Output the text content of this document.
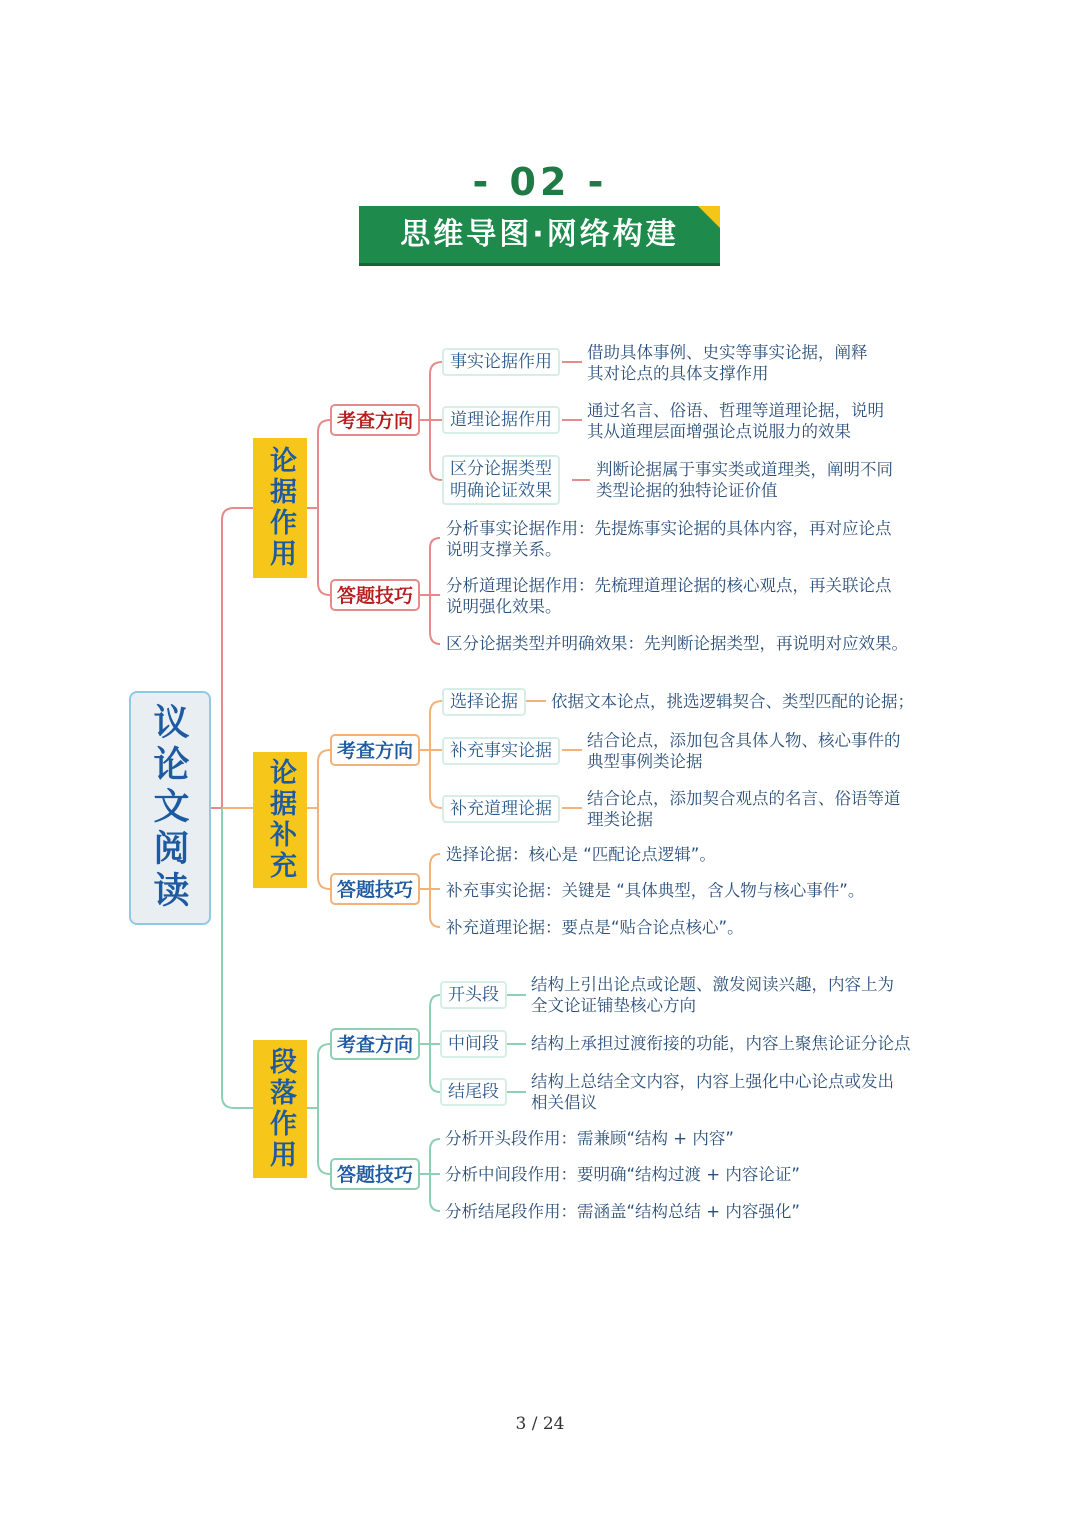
- 02 -
思维导图·网络构建
议论文阅读
论据作用
考查方向
答题技巧
事实论据作用
道理论据作用
区分论据类型
明确论证效果
借助具体事例、史实等事实论据，阐释
其对论点的具体支撑作用
通过名言、俗语、哲理等道理论据，说明
其从道理层面增强论点说服力的效果
判断论据属于事实类或道理类，阐明不同
类型论据的独特论证价值
分析事实论据作用：先提炼事实论据的具体内容，再对应论点
说明支撑关系。
分析道理论据作用：先梳理道理论据的核心观点，再关联论点
说明强化效果。
区分论据类型并明确效果：先判断论据类型，再说明对应效果。
论据补充
考查方向
答题技巧
选择论据
补充事实论据
补充道理论据
依据文本论点，挑选逻辑契合、类型匹配的论据；
结合论点，添加包含具体人物、核心事件的
典型事例类论据
结合论点，添加契合观点的名言、俗语等道
理类论据
选择论据：核心是 “匹配论点逻辑”。
补充事实论据：关键是 “具体典型，含人物与核心事件”。
补充道理论据：要点是“贴合论点核心”。
段落作用
考查方向
答题技巧
开头段
中间段
结尾段
结构上引出论点或论题、激发阅读兴趣，内容上为
全文论证铺垫核心方向
结构上承担过渡衔接的功能，内容上聚焦论证分论点
结构上总结全文内容，内容上强化中心论点或发出
相关倡议
分析开头段作用：需兼顾“结构 + 内容”
分析中间段作用：要明确“结构过渡 + 内容论证”
分析结尾段作用：需涵盖“结构总结 + 内容强化”
3 / 24
